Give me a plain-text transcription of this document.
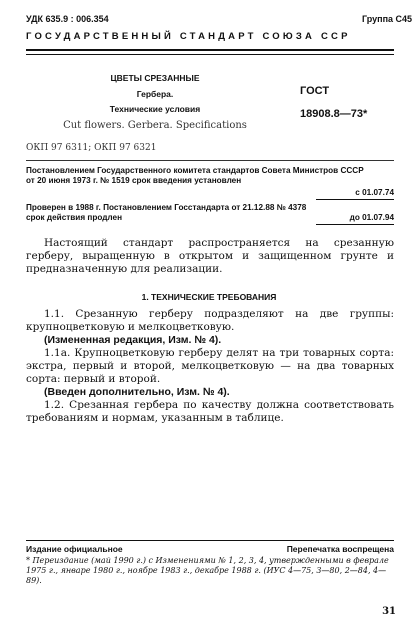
УДК 635.9 : 006.354	Группа С45
ГОСУДАРСТВЕННЫЙ СТАНДАРТ СОЮЗА ССР
ЦВЕТЫ СРЕЗАННЫЕ
Гербера.
Технические условия
Cut flowers. Gerbera. Specifications
ГОСТ
18908.8—73*
ОКП 97 6311; ОКП 97 6321
Постановлением Государственного комитета стандартов Совета Министров СССР
от 20 июня 1973 г. № 1519 срок введения установлен
с 01.07.74
Проверен в 1988 г. Постановлением Госстандарта от 21.12.88 № 4378
срок действия продлен	до 01.07.94
Настоящий стандарт распространяется на срезанную герберу, выращенную в открытом и защищенном грунте и предназначенную для реализации.
1. ТЕХНИЧЕСКИЕ ТРЕБОВАНИЯ
1.1. Срезанную герберу подразделяют на две группы: крупноцветковую и мелкоцветковую.
(Измененная редакция, Изм. № 4).
1.1а. Крупноцветковую герберу делят на три товарных сорта: экстра, первый и второй, мелкоцветковую — на два товарных сорта: первый и второй.
(Введен дополнительно, Изм. № 4).
1.2. Срезанная гербера по качеству должна соответствовать требованиям и нормам, указанным в таблице.
Издание официальное	Перепечатка воспрещена
* Переиздание (май 1990 г.) с Изменениями № 1, 2, 3, 4, утвержденными в феврале 1975 г., январе 1980 г., ноябре 1983 г., декабре 1988 г. (ИУС 4—75, 3—80, 2—84, 4—89).
31
